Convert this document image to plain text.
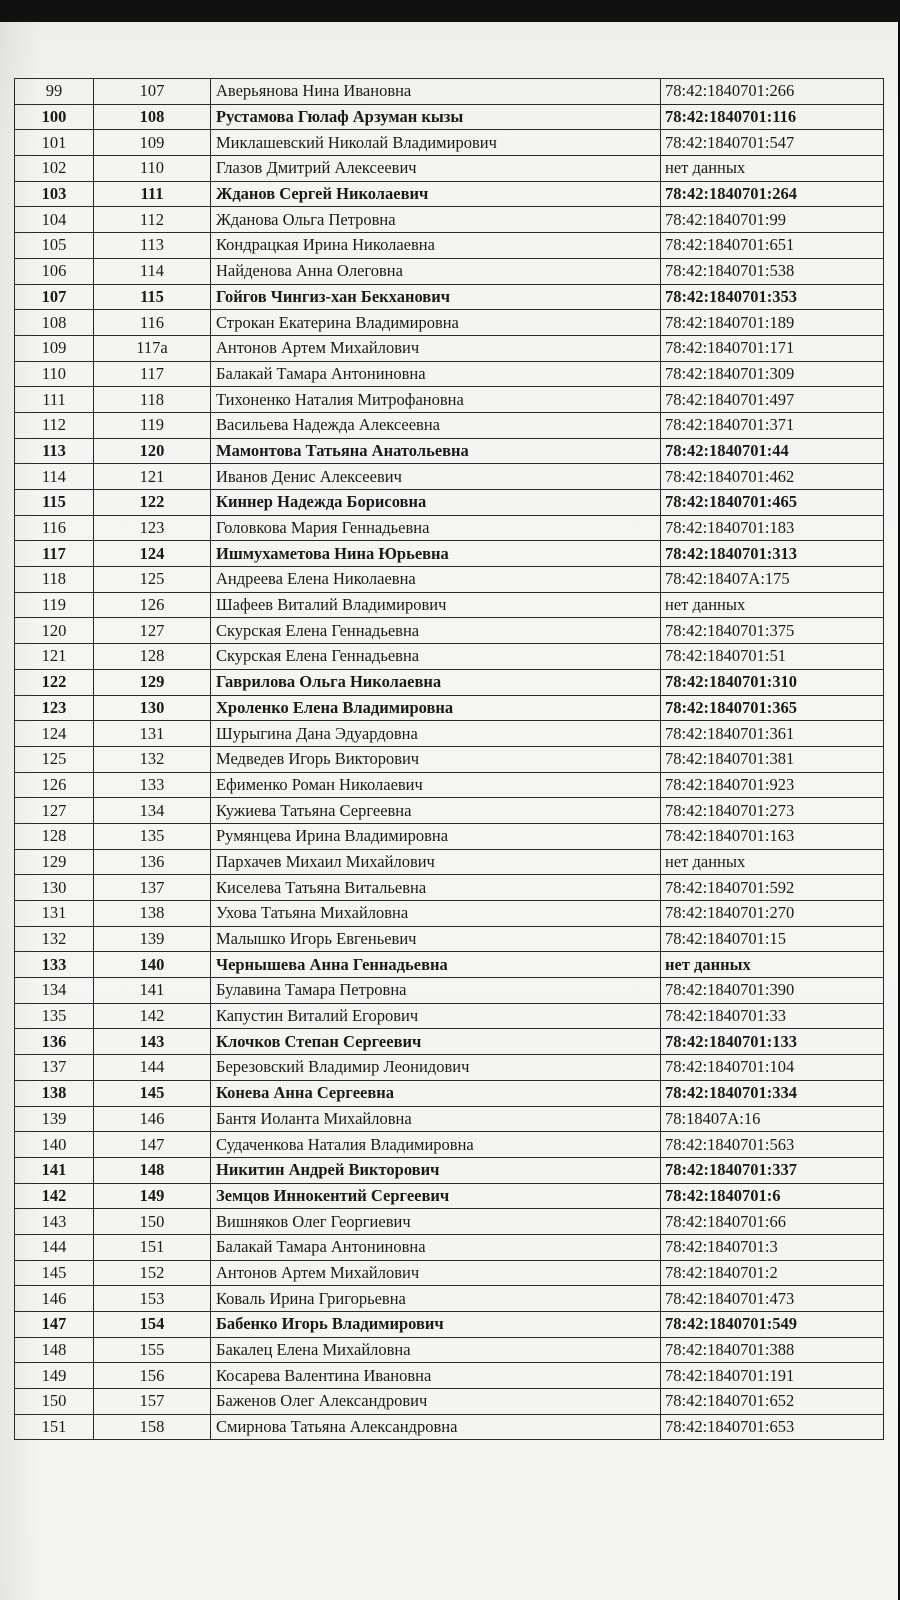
99	107	Аверьянова Нина Ивановна	78:42:1840701:266
100	108	Рустамова Гюлаф Арзуман кызы	78:42:1840701:116
101	109	Миклашевский Николай Владимирович	78:42:1840701:547
102	110	Глазов Дмитрий Алексеевич	нет данных
103	111	Жданов Сергей Николаевич	78:42:1840701:264
104	112	Жданова Ольга Петровна	78:42:1840701:99
105	113	Кондрацкая Ирина Николаевна	78:42:1840701:651
106	114	Найденова Анна Олеговна	78:42:1840701:538
107	115	Гойгов Чингиз-хан Бекханович	78:42:1840701:353
108	116	Строкан Екатерина Владимировна	78:42:1840701:189
109	117а	Антонов Артем Михайлович	78:42:1840701:171
110	117	Балакай Тамара Антониновна	78:42:1840701:309
111	118	Тихоненко Наталия Митрофановна	78:42:1840701:497
112	119	Васильева Надежда Алексеевна	78:42:1840701:371
113	120	Мамонтова Татьяна Анатольевна	78:42:1840701:44
114	121	Иванов Денис Алексеевич	78:42:1840701:462
115	122	Киннер Надежда Борисовна	78:42:1840701:465
116	123	Головкова Мария Геннадьевна	78:42:1840701:183
117	124	Ишмухаметова Нина Юрьевна	78:42:1840701:313
118	125	Андреева Елена Николаевна	78:42:18407А:175
119	126	Шафеев Виталий Владимирович	нет данных
120	127	Скурская Елена Геннадьевна	78:42:1840701:375
121	128	Скурская Елена Геннадьевна	78:42:1840701:51
122	129	Гаврилова Ольга Николаевна	78:42:1840701:310
123	130	Хроленко Елена Владимировна	78:42:1840701:365
124	131	Шурыгина Дана Эдуардовна	78:42:1840701:361
125	132	Медведев Игорь Викторович	78:42:1840701:381
126	133	Ефименко Роман Николаевич	78:42:1840701:923
127	134	Кужиева Татьяна Сергеевна	78:42:1840701:273
128	135	Румянцева Ирина Владимировна	78:42:1840701:163
129	136	Пархачев Михаил Михайлович	нет данных
130	137	Киселева Татьяна Витальевна	78:42:1840701:592
131	138	Ухова Татьяна Михайловна	78:42:1840701:270
132	139	Малышко Игорь Евгеньевич	78:42:1840701:15
133	140	Чернышева Анна Геннадьевна	нет данных
134	141	Булавина Тамара Петровна	78:42:1840701:390
135	142	Капустин Виталий Егорович	78:42:1840701:33
136	143	Клочков Степан Сергеевич	78:42:1840701:133
137	144	Березовский Владимир Леонидович	78:42:1840701:104
138	145	Конева Анна Сергеевна	78:42:1840701:334
139	146	Бантя Иоланта Михайловна	78:18407А:16
140	147	Судаченкова Наталия Владимировна	78:42:1840701:563
141	148	Никитин Андрей Викторович	78:42:1840701:337
142	149	Земцов Иннокентий Сергеевич	78:42:1840701:6
143	150	Вишняков Олег Георгиевич	78:42:1840701:66
144	151	Балакай Тамара Антониновна	78:42:1840701:3
145	152	Антонов Артем Михайлович	78:42:1840701:2
146	153	Коваль Ирина Григорьевна	78:42:1840701:473
147	154	Бабенко Игорь Владимирович	78:42:1840701:549
148	155	Бакалец Елена Михайловна	78:42:1840701:388
149	156	Косарева Валентина Ивановна	78:42:1840701:191
150	157	Баженов Олег Александрович	78:42:1840701:652
151	158	Смирнова Татьяна Александровна	78:42:1840701:653
